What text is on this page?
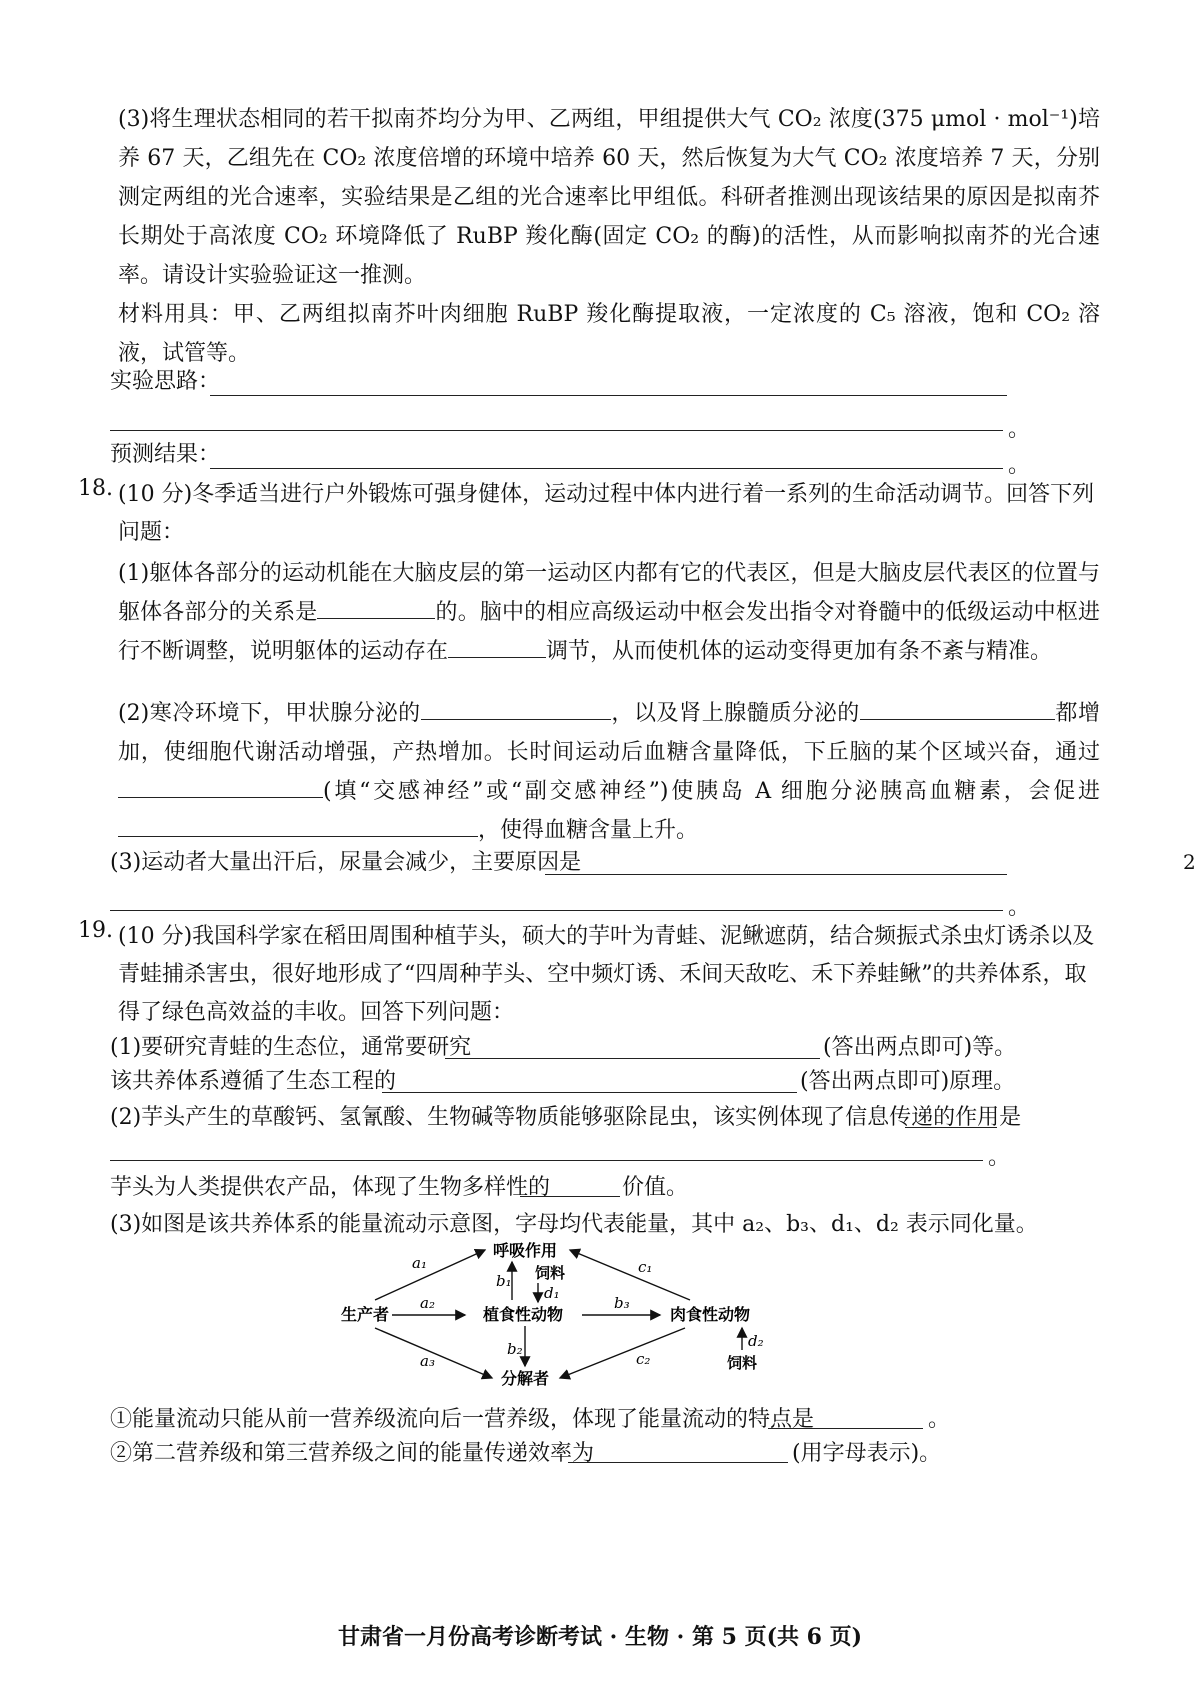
(3)将生理状态相同的若干拟南芥均分为甲、乙两组，甲组提供大气 CO₂ 浓度(375 μmol · mol⁻¹)培养 67 天，乙组先在 CO₂ 浓度倍增的环境中培养 60 天，然后恢复为大气 CO₂ 浓度培养 7 天，分别测定两组的光合速率，实验结果是乙组的光合速率比甲组低。科研者推测出现该结果的原因是拟南芥长期处于高浓度 CO₂ 环境降低了 RuBP 羧化酶(固定 CO₂ 的酶)的活性，从而影响拟南芥的光合速率。请设计实验验证这一推测。
材料用具：甲、乙两组拟南芥叶肉细胞 RuBP 羧化酶提取液，一定浓度的 C₅ 溶液，饱和 CO₂ 溶液，试管等。
实验思路：
。
预测结果：	。
18. (10 分)冬季适当进行户外锻炼可强身健体，运动过程中体内进行着一系列的生命活动调节。回答下列问题：
(1)躯体各部分的运动机能在大脑皮层的第一运动区内都有它的代表区，但是大脑皮层代表区的位置与躯体各部分的关系是	的。脑中的相应高级运动中枢会发出指令对脊髓中的低级运动中枢进行不断调整，说明躯体的运动存在	调节，从而使机体的运动变得更加有条不紊与精准。
(2)寒冷环境下，甲状腺分泌的	，以及肾上腺髓质分泌的	都增加，使细胞代谢活动增强，产热增加。长时间运动后血糖含量降低，下丘脑的某个区域兴奋，通过(填“交感神经”或“副交感神经”)使胰岛 A 细胞分泌胰高血糖素，会促进，使得血糖含量上升。
(3)运动者大量出汗后，尿量会减少，主要原因是
。
19. (10 分)我国科学家在稻田周围种植芋头，硕大的芋叶为青蛙、泥鳅遮荫，结合频振式杀虫灯诱杀以及青蛙捕杀害虫，很好地形成了“四周种芋头、空中频灯诱、禾间天敌吃、禾下养蛙鳅”的共养体系，取得了绿色高效益的丰收。回答下列问题：
(1)要研究青蛙的生态位，通常要研究	(答出两点即可)等。
该共养体系遵循了生态工程的	(答出两点即可)原理。
(2)芋头产生的草酸钙、氢氰酸、生物碱等物质能够驱除昆虫，该实例体现了信息传递的作用是
。
芋头为人类提供农产品，体现了生物多样性的	价值。
(3)如图是该共养体系的能量流动示意图，字母均代表能量，其中 a₂、b₃、d₁、d₂ 表示同化量。
呼吸作用
生产者	植食性动物	肉食性动物
分解者
饲料
饲料
a₁
a₂
a₃
b₁
d₁
b₂
b₃
c₁
c₂
d₂
①能量流动只能从前一营养级流向后一营养级，体现了能量流动的特点是	。
②第二营养级和第三营养级之间的能量传递效率为	(用字母表示)。
甘肃省一月份高考诊断考试 · 生物 · 第 5 页(共 6 页)
2
